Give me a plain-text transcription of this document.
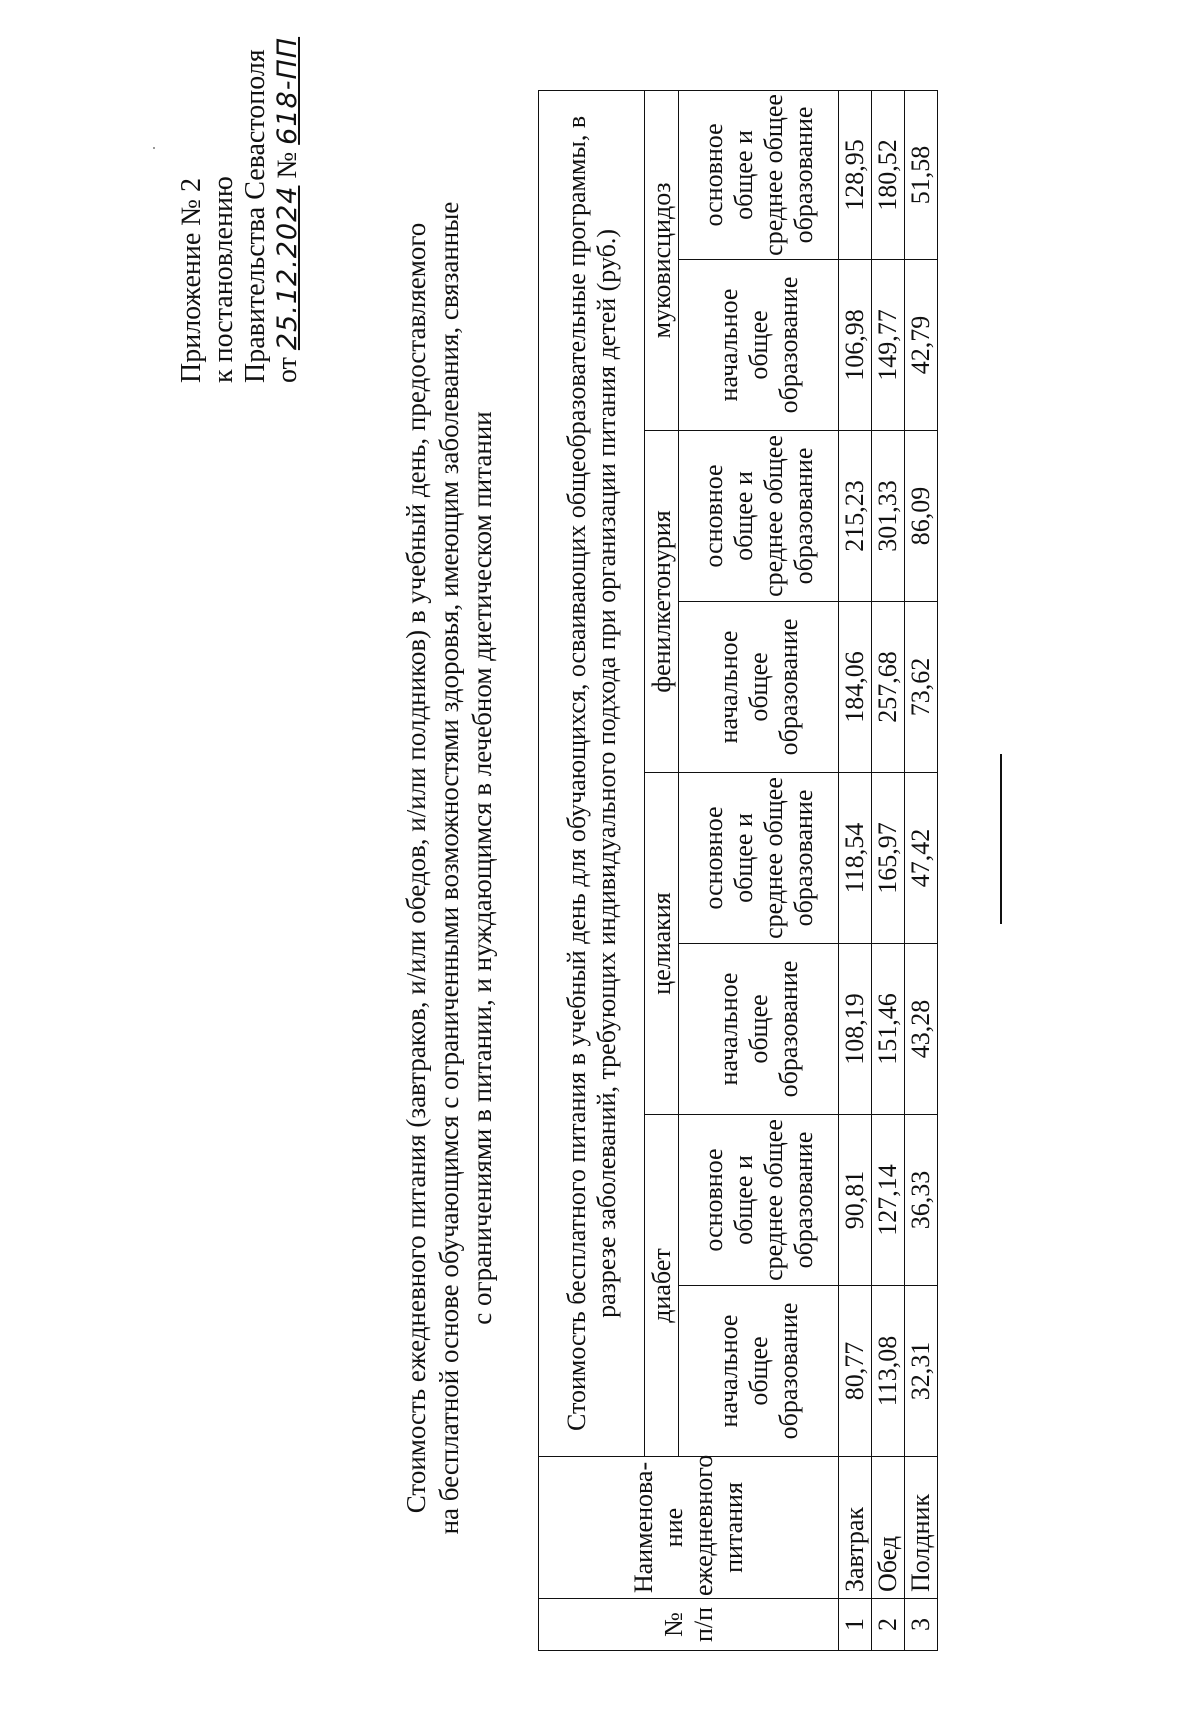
Приложение № 2 к постановлению Правительства Севастополя от 25.12.2024 № 618-ПП
Стоимость ежедневного питания (завтраков, и/или обедов, и/или полдников) в учебный день, предоставляемого на бесплатной основе обучающимся с ограниченными возможностями здоровья, имеющим заболевания, связанные с ограничениями в питании, и нуждающимся в лечебном диетическом питании
№ п/п	Наименова-ние ежедневного питания	Стоимость бесплатного питания в учебный день для обучающихся, осваивающих общеобразовательные программы, в разрезе заболеваний, требующих индивидуального подхода при организации питания детей (руб.)							
		диабет		целиакия		фенилкетонурия		муковисцидоз	
		начальное общее образование	основное общее и среднее общее образование	начальное общее образование	основное общее и среднее общее образование	начальное общее образование	основное общее и среднее общее образование	начальное общее образование	основное общее и среднее общее образование
1	Завтрак	80,77	90,81	108,19	118,54	184,06	215,23	106,98	128,95
2	Обед	113,08	127,14	151,46	165,97	257,68	301,33	149,77	180,52
3	Полдник	32,31	36,33	43,28	47,42	73,62	86,09	42,79	51,58
